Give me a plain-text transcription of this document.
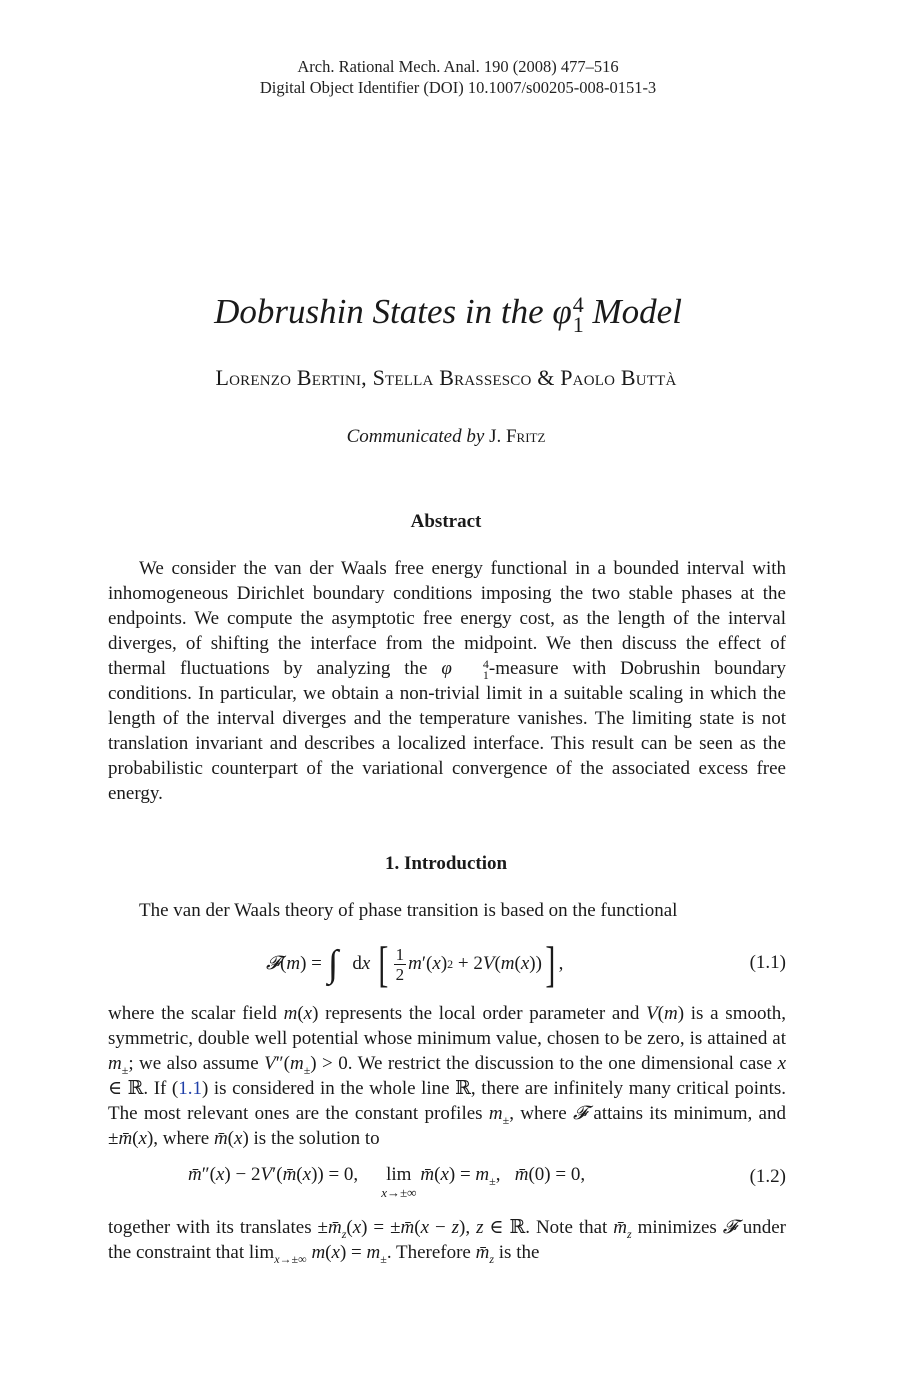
Arch. Rational Mech. Anal. 190 (2008) 477–516
Digital Object Identifier (DOI) 10.1007/s00205-008-0151-3
Dobrushin States in the φ 4
1 Model
Lorenzo Bertini, Stella Brassesco & Paolo Buttà
Communicated by J. Fritz
Abstract
We consider the van der Waals free energy functional in a bounded interval with inhomogeneous Dirichlet boundary conditions imposing the two stable phases at the endpoints. We compute the asymptotic free energy cost, as the length of the interval diverges, of shifting the interface from the midpoint. We then discuss the effect of thermal fluctuations by analyzing the φ	4
1 -measure with Dobrushin boundary conditions. In particular, we obtain a non-trivial limit in a suitable scaling in which the length of the interval diverges and the temperature vanishes. The limiting state is not translation invariant and describes a localized interface. This result can be seen as the probabilistic counterpart of the variational convergence of the associated excess free energy.
1. Introduction
The van der Waals theory of phase transition is based on the functional
𝓕 ( m ) = ∫ d x
[ $\frac{1}{2}$ m ′( x ) 2 + 2 V ( m ( x )) ] ,	(1.1)
where the scalar field m(x) represents the local order parameter and V(m) is a smooth, symmetric, double well potential whose minimum value, chosen to be zero, is attained at $m_\pm$; we also assume $V''(m_\pm) > 0$. We restrict the discussion to the one dimensional case x ∈ ℝ. If (1.1) is considered in the whole line ℝ, there are infinitely many critical points. The most relevant ones are the constant profiles $m_\pm$, where 𝓕 attains its minimum, and ±m̄(x), where m̄(x) is the solution to
m̄″(x) − 2V′(m̄(x)) = 0, lim
x→±∞
m̄(x) = $m_\pm$,   m̄(0) = 0,	(1.2)
together with its translates $\pm m̄_z(x)$ = ±m̄(x − z), z ∈ ℝ. Note that $m̄_z$ minimizes 𝓕 under the constraint that $\lim_{x\to\pm\infty} m(x) = m_\pm$. Therefore $m̄_z$ is the
